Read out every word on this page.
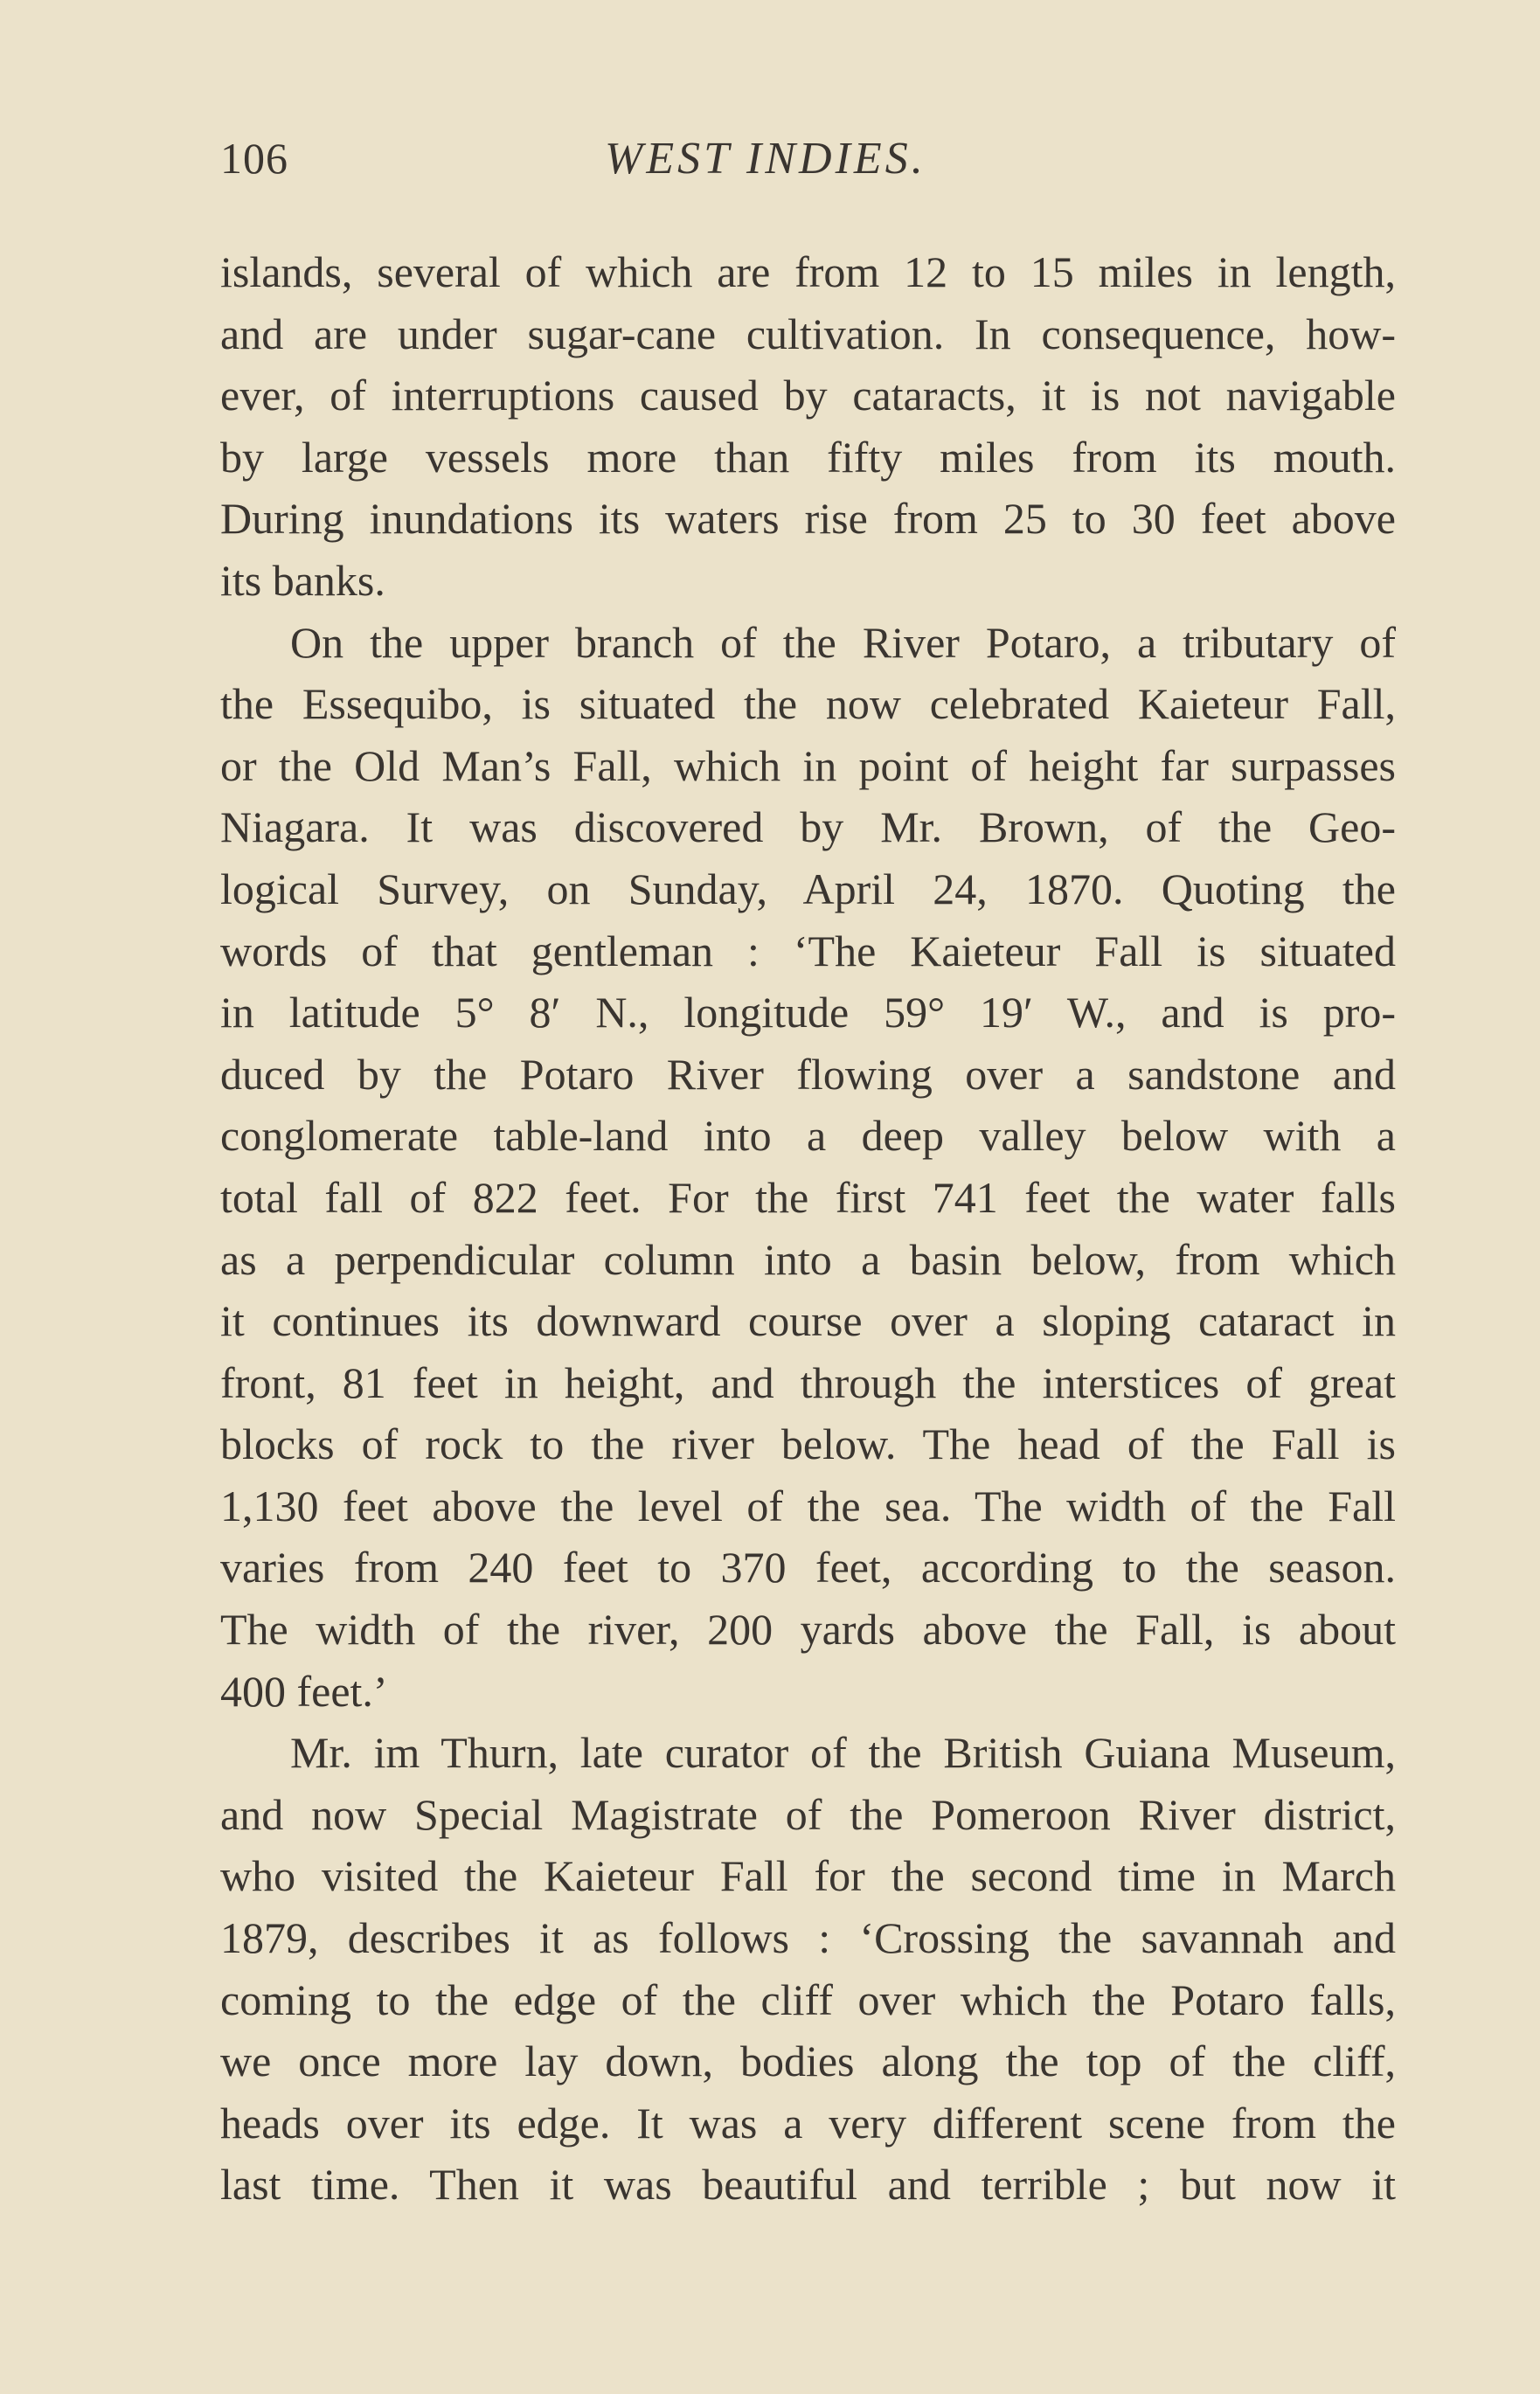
106	WEST INDIES.
islands, several of which are from 12 to 15 miles in length,
and are under sugar-cane cultivation. In consequence, how-
ever, of interruptions caused by cataracts, it is not navigable
by large vessels more than fifty miles from its mouth.
During inundations its waters rise from 25 to 30 feet above
its banks.
On the upper branch of the River Potaro, a tributary of
the Essequibo, is situated the now celebrated Kaieteur Fall,
or the Old Man’s Fall, which in point of height far surpasses
Niagara. It was discovered by Mr. Brown, of the Geo-
logical Survey, on Sunday, April 24, 1870. Quoting the
words of that gentleman : ‘The Kaieteur Fall is situated
in latitude 5° 8′ N., longitude 59° 19′ W., and is pro-
duced by the Potaro River flowing over a sandstone and
conglomerate table-land into a deep valley below with a
total fall of 822 feet. For the first 741 feet the water falls
as a perpendicular column into a basin below, from which
it continues its downward course over a sloping cataract in
front, 81 feet in height, and through the interstices of great
blocks of rock to the river below. The head of the Fall is
1,130 feet above the level of the sea. The width of the Fall
varies from 240 feet to 370 feet, according to the season.
The width of the river, 200 yards above the Fall, is about
400 feet.’
Mr. im Thurn, late curator of the British Guiana Museum,
and now Special Magistrate of the Pomeroon River district,
who visited the Kaieteur Fall for the second time in March
1879, describes it as follows : ‘Crossing the savannah and
coming to the edge of the cliff over which the Potaro falls,
we once more lay down, bodies along the top of the cliff,
heads over its edge. It was a very different scene from the
last time. Then it was beautiful and terrible ; but now it
